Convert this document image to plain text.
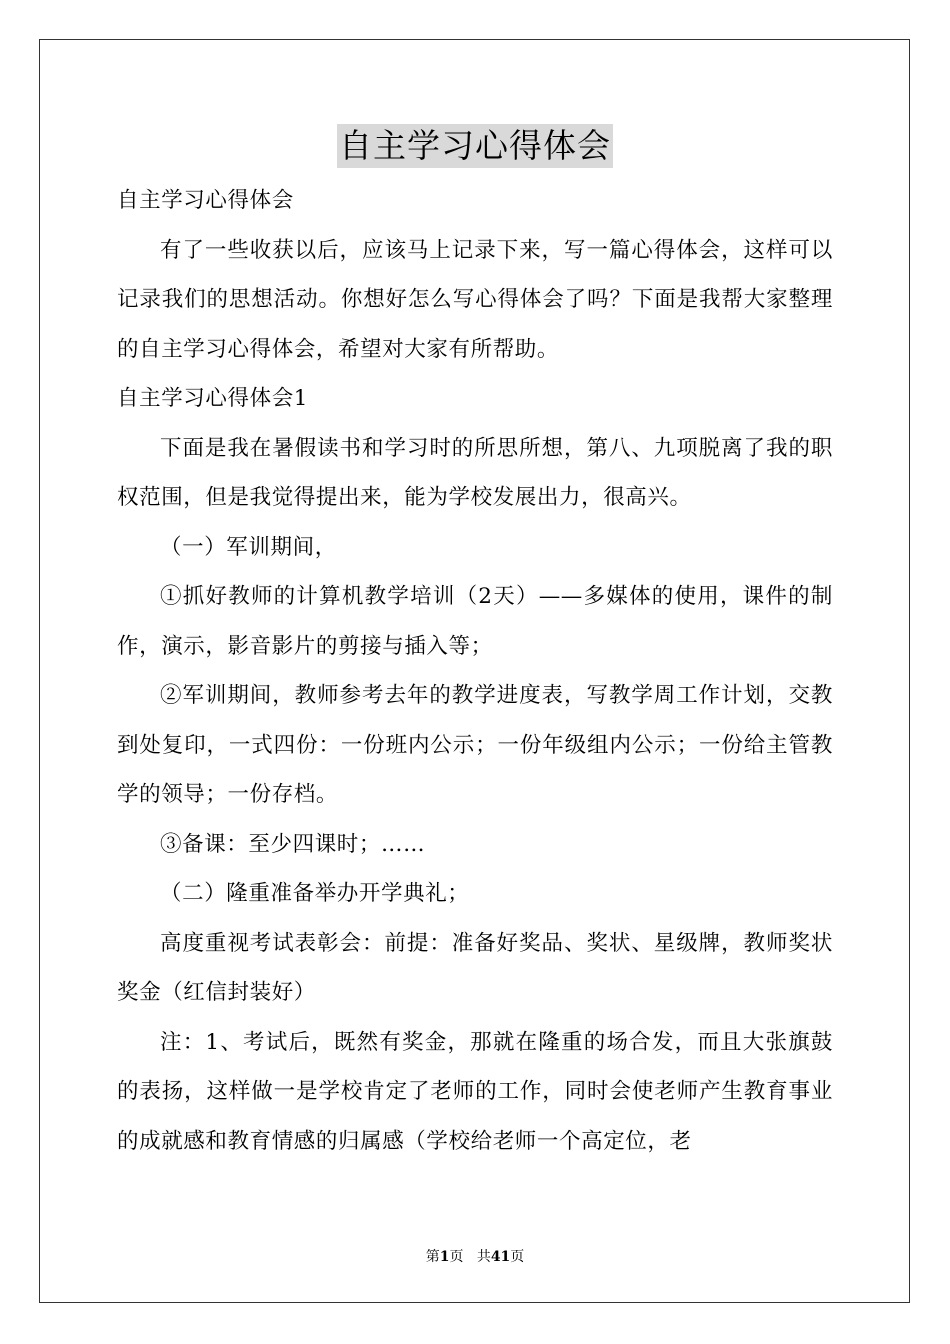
自主学习心得体会

自主学习心得体会

有了一些收获以后，应该马上记录下来，写一篇心得体会，这样可以记录我们的思想活动。你想好怎么写心得体会了吗？下面是我帮大家整理的自主学习心得体会，希望对大家有所帮助。

自主学习心得体会1

下面是我在暑假读书和学习时的所思所想，第八、九项脱离了我的职权范围，但是我觉得提出来，能为学校发展出力，很高兴。

（一）军训期间，

①抓好教师的计算机教学培训（2天）——多媒体的使用，课件的制作，演示，影音影片的剪接与插入等；

②军训期间，教师参考去年的教学进度表，写教学周工作计划，交教到处复印，一式四份：一份班内公示；一份年级组内公示；一份给主管教学的领导；一份存档。

③备课：至少四课时；……

（二）隆重准备举办开学典礼；

高度重视考试表彰会：前提：准备好奖品、奖状、星级牌，教师奖状奖金（红信封装好）

注：1、考试后，既然有奖金，那就在隆重的场合发，而且大张旗鼓的表扬，这样做一是学校肯定了老师的工作，同时会使老师产生教育事业的成就感和教育情感的归属感（学校给老师一个高定位，老

第1页 共41页
